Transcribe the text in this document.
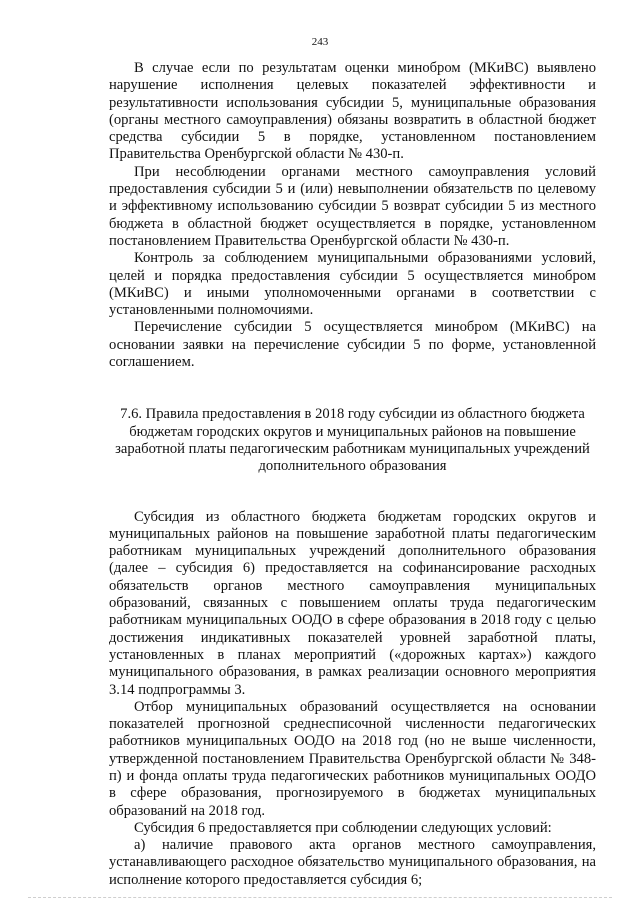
243

В случае если по результатам оценки минобром (МКиВС) выявлено нарушение исполнения целевых показателей эффективности и результативности использования субсидии 5, муниципальные образования (органы местного самоуправления) обязаны возвратить в областной бюджет средства субсидии 5 в порядке, установленном постановлением Правительства Оренбургской области № 430-п.

При несоблюдении органами местного самоуправления условий предоставления субсидии 5 и (или) невыполнении обязательств по целевому и эффективному использованию субсидии 5 возврат субсидии 5 из местного бюджета в областной бюджет осуществляется в порядке, установленном постановлением Правительства Оренбургской области № 430-п.

Контроль за соблюдением муниципальными образованиями условий, целей и порядка предоставления субсидии 5 осуществляется минобром (МКиВС) и иными уполномоченными органами в соответствии с установленными полномочиями.

Перечисление субсидии 5 осуществляется минобром (МКиВС) на основании заявки на перечисление субсидии 5 по форме, установленной соглашением.

7.6. Правила предоставления в 2018 году субсидии из областного бюджета бюджетам городских округов и муниципальных районов на повышение заработной платы педагогическим работникам муниципальных учреждений дополнительного образования

Субсидия из областного бюджета бюджетам городских округов и муниципальных районов на повышение заработной платы педагогическим работникам муниципальных учреждений дополнительного образования (далее – субсидия 6) предоставляется на софинансирование расходных обязательств органов местного самоуправления муниципальных образований, связанных с повышением оплаты труда педагогическим работникам муниципальных ООДО в сфере образования в 2018 году с целью достижения индикативных показателей уровней заработной платы, установленных в планах мероприятий («дорожных картах») каждого муниципального образования, в рамках реализации основного мероприятия 3.14 подпрограммы 3.

Отбор муниципальных образований осуществляется на основании показателей прогнозной среднесписочной численности педагогических работников муниципальных ООДО на 2018 год (но не выше численности, утвержденной постановлением Правительства Оренбургской области № 348-п) и фонда оплаты труда педагогических работников муниципальных ООДО в сфере образования, прогнозируемого в бюджетах муниципальных образований на 2018 год.

Субсидия 6 предоставляется при соблюдении следующих условий:

а) наличие правового акта органов местного самоуправления, устанавливающего расходное обязательство муниципального образования, на исполнение которого предоставляется субсидия 6;
